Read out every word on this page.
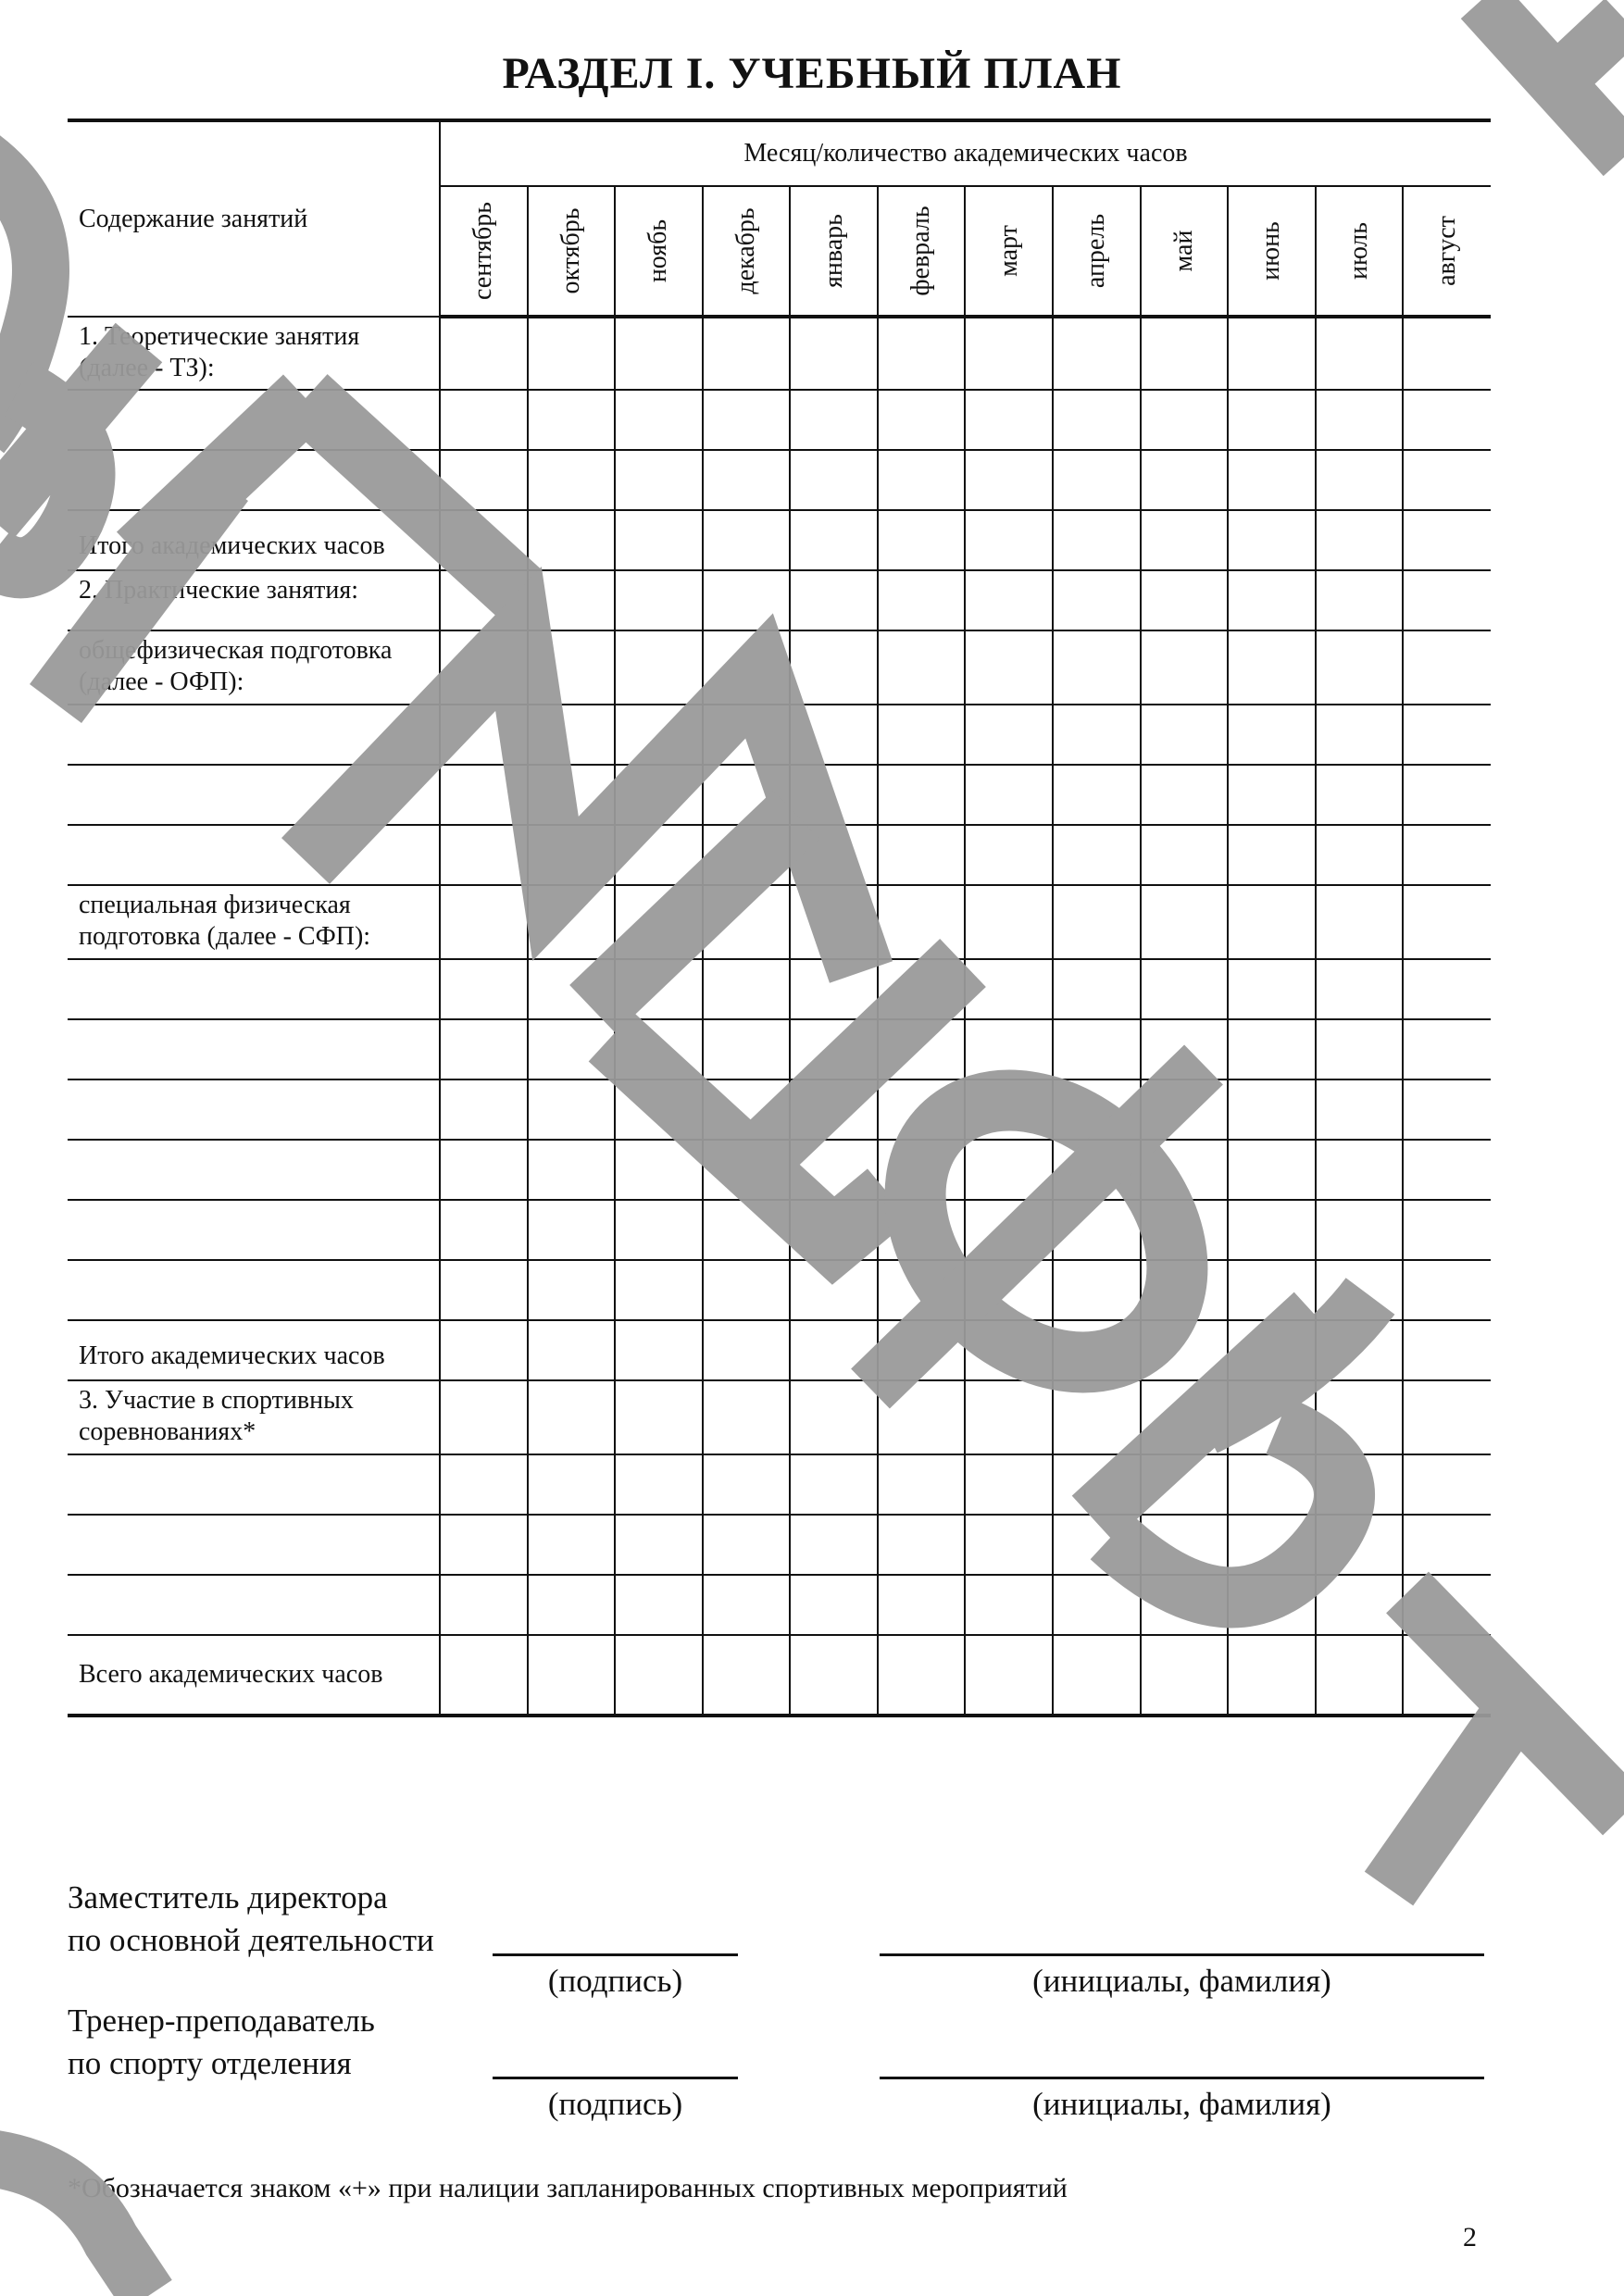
РАЗДЕЛ I. УЧЕБНЫЙ ПЛАН
Содержание занятий	Месяц/количество академических часов											

	сентябрь	октябрь	ноябь	декабрь	январь	февраль	март	апрель	май	июнь	июль	август

1. Теоретические занятия (далее - ТЗ):												

Итого академических часов												
2. Практические занятия:												
общефизическая подготовка (далее - ОФП):												

специальная физическая подготовка (далее - СФП):												

Итого академических часов												
3. Участие в спортивных соревнованиях*												

Всего академических часов												
Заместитель директора
по основной деятельности
(подпись)	(инициалы, фамилия)
Тренер-преподаватель
по спорту отделения
(подпись)	(инициалы, фамилия)
*Обозначается знаком «+» при налиции запланированных спортивных мероприятий
2
